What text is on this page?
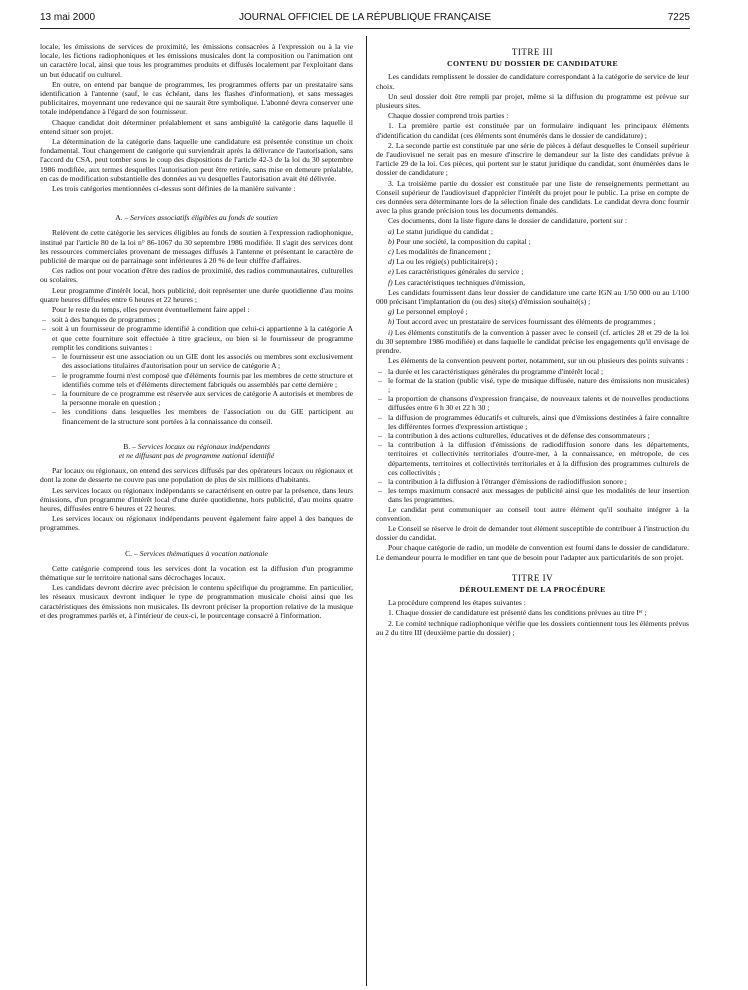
13 mai 2000	JOURNAL OFFICIEL DE LA RÉPUBLIQUE FRANÇAISE	7225

locale, les émissions de services de proximité, les émissions consacrées à l'expression ou à la vie locale, les fictions radiophoniques et les émissions musicales dont la composition ou l'animation ont un caractère local, ainsi que tous les programmes produits et diffusés localement par l'exploitant dans un but éducatif ou culturel.

En outre, on entend par banque de programmes, les programmes offerts par un prestataire sans identification à l'antenne (sauf, le cas échéant, dans les flashes d'information), et sans messages publicitaires, moyennant une redevance qui ne saurait être symbolique. L'abonné devra conserver une totale indépendance à l'égard de son fournisseur.

Chaque candidat doit déterminer préalablement et sans ambiguïté la catégorie dans laquelle il entend situer son projet.

La détermination de la catégorie dans laquelle une candidature est présentée constitue un choix fondamental. Tout changement de catégorie qui surviendrait après la délivrance de l'autorisation, sans l'accord du CSA, peut tomber sous le coup des dispositions de l'article 42-3 de la loi du 30 septembre 1986 modifiée, aux termes desquelles l'autorisation peut être retirée, sans mise en demeure préalable, en cas de modification substantielle des données au vu desquelles l'autorisation avait été délivrée.

Les trois catégories mentionnées ci-dessus sont définies de la manière suivante :

A. – Services associatifs éligibles au fonds de soutien

Relèvent de cette catégorie les services éligibles au fonds de soutien à l'expression radiophonique, institué par l'article 80 de la loi n° 86-1067 du 30 septembre 1986 modifiée. Il s'agit des services dont les ressources commerciales provenant de messages diffusés à l'antenne et présentant le caractère de publicité de marque ou de parrainage sont inférieures à 20 % de leur chiffre d'affaires.

Ces radios ont pour vocation d'être des radios de proximité, des radios communautaires, culturelles ou scolaires.

Leur programme d'intérêt local, hors publicité, doit représenter une durée quotidienne d'au moins quatre heures diffusées entre 6 heures et 22 heures ;

Pour le reste du temps, elles peuvent éventuellement faire appel :

– soit à des banques de programmes ;
– soit à un fournisseur de programme identifié à condition que celui-ci appartienne à la catégorie A et que cette fourniture soit effectuée à titre gracieux, ou bien si le fournisseur de programme remplit les conditions suivantes :
– le fournisseur est une association ou un GIE dont les associés ou membres sont exclusivement des associations titulaires d'autorisation pour un service de catégorie A ;
– le programme fourni n'est composé que d'éléments fournis par les membres de cette structure et identifiés comme tels et d'éléments directement fabriqués ou assemblés par cette dernière ;
– la fourniture de ce programme est réservée aux services de catégorie A autorisés et membres de la personne morale en question ;
– les conditions dans lesquelles les membres de l'association ou du GIE participent au financement de la structure sont portées à la connaissance du conseil.
B. – Services locaux ou régionaux indépendants
et ne diffusant pas de programme national identifié

Par locaux ou régionaux, on entend des services diffusés par des opérateurs locaux ou régionaux et dont la zone de desserte ne couvre pas une population de plus de six millions d'habitants.

Les services locaux ou régionaux indépendants se caractérisent en outre par la présence, dans leurs émissions, d'un programme d'intérêt local d'une durée quotidienne, hors publicité, d'au moins quatre heures, diffusées entre 6 heures et 22 heures.

Les services locaux ou régionaux indépendants peuvent également faire appel à des banques de programmes.

C. – Services thématiques à vocation nationale

Cette catégorie comprend tous les services dont la vocation est la diffusion d'un programme thématique sur le territoire national sans décrochages locaux.

Les candidats devront décrire avec précision le contenu spécifique du programme. En particulier, les réseaux musicaux devront indiquer le type de programmation musicale choisi ainsi que les caractéristiques des émissions non musicales. Ils devront préciser la proportion relative de la musique et des programmes parlés et, à l'intérieur de ceux-ci, le pourcentage consacré à l'information.

TITRE III
CONTENU DU DOSSIER DE CANDIDATURE

Les candidats remplissent le dossier de candidature correspondant à la catégorie de service de leur choix.

Un seul dossier doit être rempli par projet, même si la diffusion du programme est prévue sur plusieurs sites.

Chaque dossier comprend trois parties :

1. La première partie est constituée par un formulaire indiquant les principaux éléments d'identification du candidat (ces éléments sont énumérés dans le dossier de candidature) ;

2. La seconde partie est constituée par une série de pièces à défaut desquelles le Conseil supérieur de l'audiovisuel ne serait pas en mesure d'inscrire le demandeur sur la liste des candidats prévue à l'article 29 de la loi. Ces pièces, qui portent sur le statut juridique du candidat, sont énumérées dans le dossier de candidature ;

3. La troisième partie du dossier est constituée par une liste de renseignements permettant au Conseil supérieur de l'audiovisuel d'apprécier l'intérêt du projet pour le public. La prise en compte de ces données sera déterminante lors de la sélection finale des candidats. Le candidat devra donc fournir avec la plus grande précision tous les documents demandés.

Ces documents, dont la liste figure dans le dossier de candidature, portent sur :

a) Le statut juridique du candidat ;

b) Pour une société, la composition du capital ;

c) Les modalités de financement ;

d) La ou les régie(s) publicitaire(s) ;

e) Les caractéristiques générales du service ;

f) Les caractéristiques techniques d'émission,

Les candidats fournissent dans leur dossier de candidature une carte IGN au 1/50 000 ou au 1/100 000 précisant l'implantation du (ou des) site(s) d'émission souhaité(s) ;

g) Le personnel employé ;

h) Tout accord avec un prestataire de services fournissant des éléments de programmes ;

i) Les éléments constitutifs de la convention à passer avec le conseil (cf. articles 28 et 29 de la loi du 30 septembre 1986 modifiée) et dans laquelle le candidat précise les engagements qu'il envisage de prendre.

Les éléments de la convention peuvent porter, notamment, sur un ou plusieurs des points suivants :

– la durée et les caractéristiques générales du programme d'intérêt local ;
– le format de la station (public visé, type de musique diffusée, nature des émissions non musicales) ;
– la proportion de chansons d'expression française, de nouveaux talents et de nouvelles productions diffusées entre 6 h 30 et 22 h 30 ;
– la diffusion de programmes éducatifs et culturels, ainsi que d'émissions destinées à faire connaître les différentes formes d'expression artistique ;
– la contribution à des actions culturelles, éducatives et de défense des consommateurs ;
– la contribution à la diffusion d'émissions de radiodiffusion sonore dans les départements, territoires et collectivités territoriales d'outre-mer, à la connaissance, en métropole, de ces départements, territoires et collectivités territoriales et à la diffusion des programmes culturels de ces collectivités ;
– la contribution à la diffusion à l'étranger d'émissions de radiodiffusion sonore ;
– les temps maximum consacré aux messages de publicité ainsi que les modalités de leur insertion dans les programmes.

Le candidat peut communiquer au conseil tout autre élément qu'il souhaite intégrer à la convention.

Le Conseil se réserve le droit de demander tout élément susceptible de contribuer à l'instruction du dossier du candidat.

Pour chaque catégorie de radio, un modèle de convention est fourni dans le dossier de candidature. Le demandeur pourra le modifier en tant que de besoin pour l'adapter aux particularités de son projet.

TITRE IV
DÉROULEMENT DE LA PROCÉDURE

La procédure comprend les étapes suivantes :

1. Chaque dossier de candidature est présenté dans les conditions prévues au titre Iᵉʳ ;

2. Le comité technique radiophonique vérifie que les dossiers contiennent tous les éléments prévus au 2 du titre III (deuxième partie du dossier) ;
